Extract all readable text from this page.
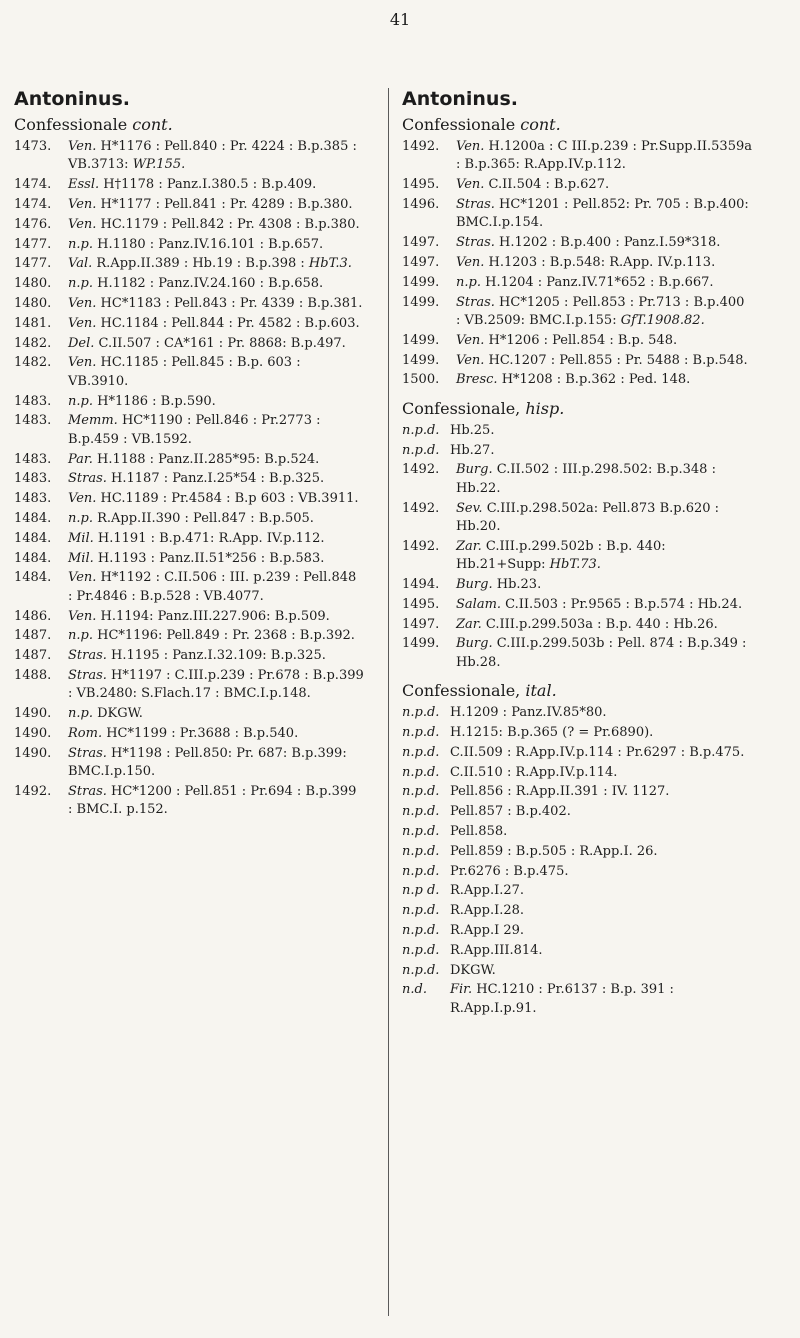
41
Antoninus.
Confessionale cont.
1473. Ven. H*1176 : Pell.840 : Pr. 4224 : B.p.385 : VB.3713: WP.155.
1474. Essl. H†1178 : Panz.I.380.5 : B.p.409.
1474. Ven. H*1177 : Pell.841 : Pr. 4289 : B.p.380.
1476. Ven. HC.1179 : Pell.842 : Pr. 4308 : B.p.380.
1477. n.p. H.1180 : Panz.IV.16.101 : B.p.657.
1477. Val. R.App.II.389 : Hb.19 : B.p.398 : HbT.3.
1480. n.p. H.1182 : Panz.IV.24.160 : B.p.658.
1480. Ven. HC*1183 : Pell.843 : Pr. 4339 : B.p.381.
1481. Ven. HC.1184 : Pell.844 : Pr. 4582 : B.p.603.
1482. Del. C.II.507 : CA*161 : Pr. 8868: B.p.497.
1482. Ven. HC.1185 : Pell.845 : B.p. 603 : VB.3910.
1483. n.p. H*1186 : B.p.590.
1483. Memm. HC*1190 : Pell.846 : Pr.2773 : B.p.459 : VB.1592.
1483. Par. H.1188 : Panz.II.285*95: B.p.524.
1483. Stras. H.1187 : Panz.I.25*54 : B.p.325.
1483. Ven. HC.1189 : Pr.4584 : B.p 603 : VB.3911.
1484. n.p. R.App.II.390 : Pell.847 : B.p.505.
1484. Mil. H.1191 : B.p.471: R.App. IV.p.112.
1484. Mil. H.1193 : Panz.II.51*256 : B.p.583.
1484. Ven. H*1192 : C.II.506 : III. p.239 : Pell.848 : Pr.4846 : B.p.528 : VB.4077.
1486. Ven. H.1194: Panz.III.227.906: B.p.509.
1487. n.p. HC*1196: Pell.849 : Pr. 2368 : B.p.392.
1487. Stras. H.1195 : Panz.I.32.109: B.p.325.
1488. Stras. H*1197 : C.III.p.239 : Pr.678 : B.p.399 : VB.2480: S.Flach.17 : BMC.I.p.148.
1490. n.p. DKGW.
1490. Rom. HC*1199 : Pr.3688 : B.p.540.
1490. Stras. H*1198 : Pell.850: Pr. 687: B.p.399: BMC.I.p.150.
1492. Stras. HC*1200 : Pell.851 : Pr.694 : B.p.399 : BMC.I. p.152.
Antoninus.
Confessionale cont.
1492. Ven. H.1200a : C III.p.239 : Pr.Supp.II.5359a : B.p.365: R.App.IV.p.112.
1495. Ven. C.II.504 : B.p.627.
1496. Stras. HC*1201 : Pell.852: Pr. 705 : B.p.400: BMC.I.p.154.
1497. Stras. H.1202 : B.p.400 : Panz.I.59*318.
1497. Ven. H.1203 : B.p.548: R.App. IV.p.113.
1499. n.p. H.1204 : Panz.IV.71*652 : B.p.667.
1499. Stras. HC*1205 : Pell.853 : Pr.713 : B.p.400 : VB.2509: BMC.I.p.155: GfT.1908.82.
1499. Ven. H*1206 : Pell.854 : B.p. 548.
1499. Ven. HC.1207 : Pell.855 : Pr. 5488 : B.p.548.
1500. Bresc. H*1208 : B.p.362 : Ped. 148.
Confessionale, hisp.
n.p.d. Hb.25.
n.p.d. Hb.27.
1492. Burg. C.II.502 : III.p.298.502: B.p.348 : Hb.22.
1492. Sev. C.III.p.298.502a: Pell.873 B.p.620 : Hb.20.
1492. Zar. C.III.p.299.502b : B.p. 440: Hb.21+Supp: HbT.73.
1494. Burg. Hb.23.
1495. Salam. C.II.503 : Pr.9565 : B.p.574 : Hb.24.
1497. Zar. C.III.p.299.503a : B.p. 440 : Hb.26.
1499. Burg. C.III.p.299.503b : Pell. 874 : B.p.349 : Hb.28.
Confessionale, ital.
n.p.d. H.1209 : Panz.IV.85*80.
n.p.d. H.1215: B.p.365 (? = Pr.6890).
n.p.d. C.II.509 : R.App.IV.p.114 : Pr.6297 : B.p.475.
n.p.d. C.II.510 : R.App.IV.p.114.
n.p.d. Pell.856 : R.App.II.391 : IV. 1127.
n.p.d. Pell.857 : B.p.402.
n.p.d. Pell.858.
n.p.d. Pell.859 : B.p.505 : R.App.I. 26.
n.p.d. Pr.6276 : B.p.475.
n.p d. R.App.I.27.
n.p.d. R.App.I.28.
n.p.d. R.App.I 29.
n.p.d. R.App.III.814.
n.p.d. DKGW.
n.d. Fir. HC.1210 : Pr.6137 : B.p. 391 : R.App.I.p.91.
